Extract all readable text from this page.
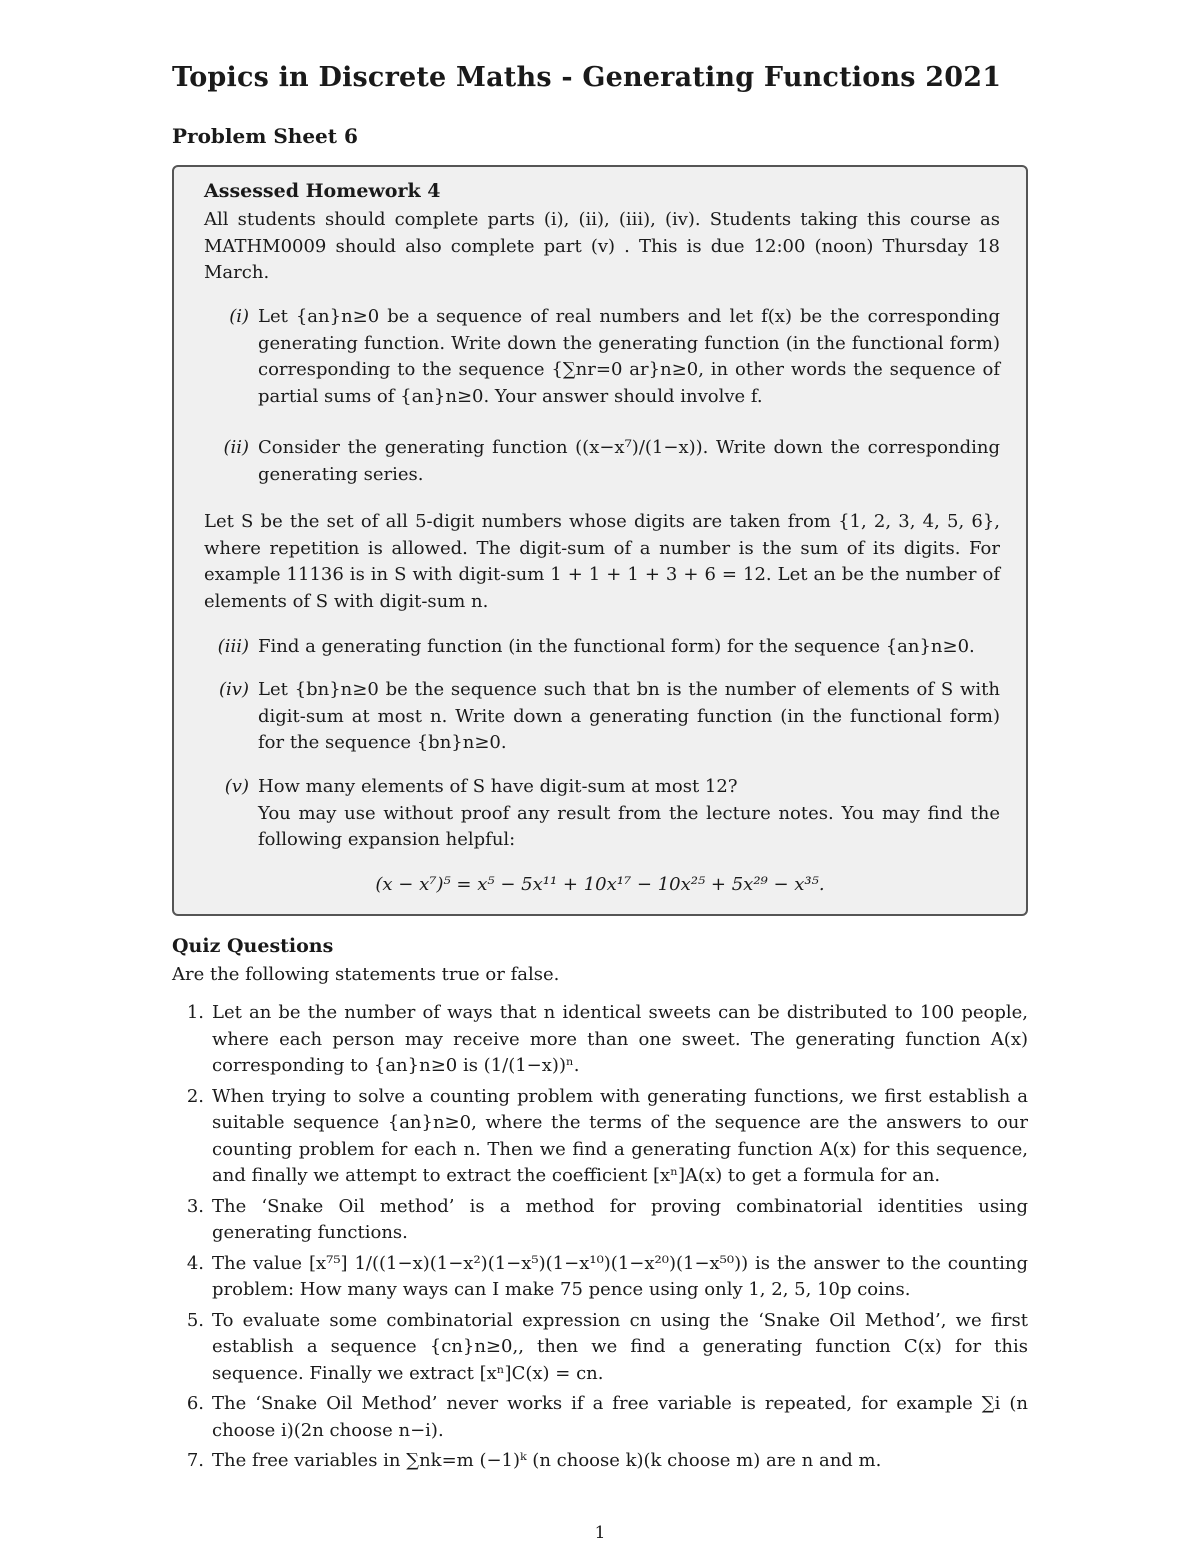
Topics in Discrete Maths - Generating Functions 2021
Problem Sheet 6
Assessed Homework 4
All students should complete parts (i), (ii), (iii), (iv). Students taking this course as MATHM0009 should also complete part (v) . This is due 12:00 (noon) Thursday 18 March.
(i) Let {an}n≥0 be a sequence of real numbers and let f(x) be the corresponding generating function. Write down the generating function (in the functional form) corresponding to the sequence {∑nr=0 ar}n≥0, in other words the sequence of partial sums of {an}n≥0. Your answer should involve f.
(ii) Consider the generating function ((x−x⁷)/(1−x)). Write down the corresponding generating series.
Let S be the set of all 5-digit numbers whose digits are taken from {1, 2, 3, 4, 5, 6}, where repetition is allowed. The digit-sum of a number is the sum of its digits. For example 11136 is in S with digit-sum 1 + 1 + 1 + 3 + 6 = 12. Let an be the number of elements of S with digit-sum n.
(iii) Find a generating function (in the functional form) for the sequence {an}n≥0.
(iv) Let {bn}n≥0 be the sequence such that bn is the number of elements of S with digit-sum at most n. Write down a generating function (in the functional form) for the sequence {bn}n≥0.
(v) How many elements of S have digit-sum at most 12?
You may use without proof any result from the lecture notes. You may find the following expansion helpful:
(x − x⁷)⁵ = x⁵ − 5x¹¹ + 10x¹⁷ − 10x²⁵ + 5x²⁹ − x³⁵.
Quiz Questions
Are the following statements true or false.
1. Let an be the number of ways that n identical sweets can be distributed to 100 people, where each person may receive more than one sweet. The generating function A(x) corresponding to {an}n≥0 is (1/(1−x))ⁿ.
2. When trying to solve a counting problem with generating functions, we first establish a suitable sequence {an}n≥0, where the terms of the sequence are the answers to our counting problem for each n. Then we find a generating function A(x) for this sequence, and finally we attempt to extract the coefficient [xⁿ]A(x) to get a formula for an.
3. The ‘Snake Oil method’ is a method for proving combinatorial identities using generating functions.
4. The value [x⁷⁵] 1/((1−x)(1−x²)(1−x⁵)(1−x¹⁰)(1−x²⁰)(1−x⁵⁰)) is the answer to the counting problem: How many ways can I make 75 pence using only 1, 2, 5, 10p coins.
5. To evaluate some combinatorial expression cn using the ‘Snake Oil Method’, we first establish a sequence {cn}n≥0,, then we find a generating function C(x) for this sequence. Finally we extract [xⁿ]C(x) = cn.
6. The ‘Snake Oil Method’ never works if a free variable is repeated, for example ∑i (n choose i)(2n choose n−i).
7. The free variables in ∑nk=m (−1)ᵏ (n choose k)(k choose m) are n and m.
1
